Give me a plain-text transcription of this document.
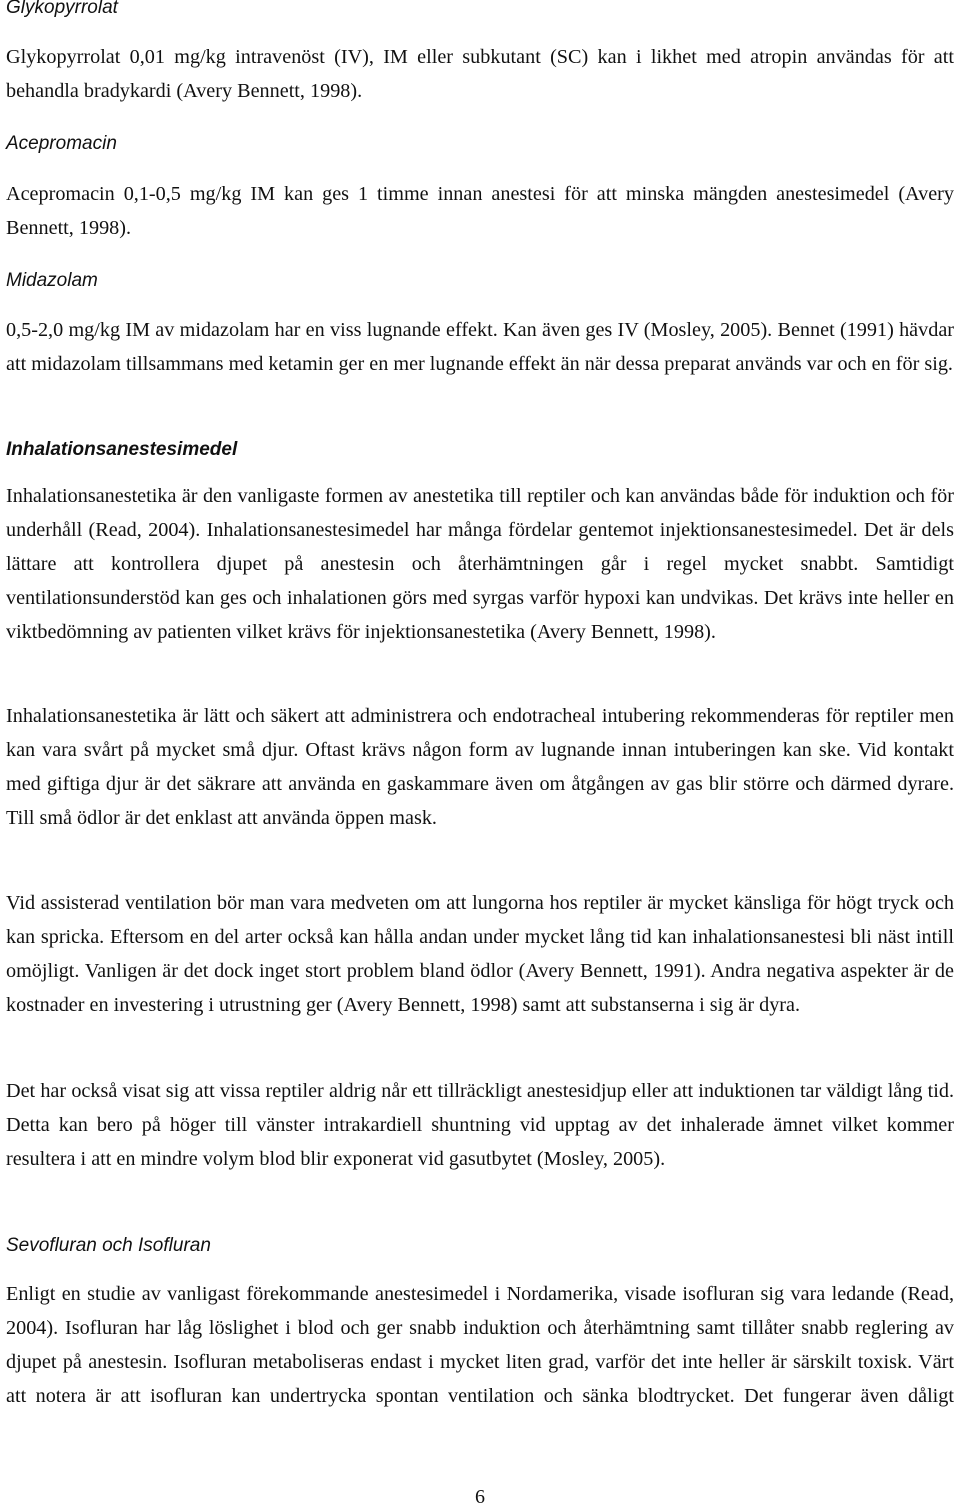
Glykopyrrolat

Glykopyrrolat 0,01 mg/kg intravenöst (IV), IM eller subkutant (SC) kan i likhet med atropin användas för att behandla bradykardi (Avery Bennett, 1998).

Acepromacin

Acepromacin 0,1-0,5 mg/kg IM kan ges 1 timme innan anestesi för att minska mängden anestesimedel (Avery Bennett, 1998).

Midazolam

0,5-2,0 mg/kg IM av midazolam har en viss lugnande effekt. Kan även ges IV (Mosley, 2005). Bennet (1991) hävdar att midazolam tillsammans med ketamin ger en mer lugnande effekt än när dessa preparat används var och en för sig.

Inhalationsanestesimedel

Inhalationsanestetika är den vanligaste formen av anestetika till reptiler och kan användas både för induktion och för underhåll (Read, 2004). Inhalationsanestesimedel har många fördelar gentemot injektionsanestesimedel. Det är dels lättare att kontrollera djupet på anestesin och återhämtningen går i regel mycket snabbt. Samtidigt ventilationsunderstöd kan ges och inhalationen görs med syrgas varför hypoxi kan undvikas. Det krävs inte heller en viktbedömning av patienten vilket krävs för injektionsanestetika (Avery Bennett, 1998).

Inhalationsanestetika är lätt och säkert att administrera och endotracheal intubering rekommenderas för reptiler men kan vara svårt på mycket små djur. Oftast krävs någon form av lugnande innan intuberingen kan ske. Vid kontakt med giftiga djur är det säkrare att använda en gaskammare även om åtgången av gas blir större och därmed dyrare. Till små ödlor är det enklast att använda öppen mask.

Vid assisterad ventilation bör man vara medveten om att lungorna hos reptiler är mycket känsliga för högt tryck och kan spricka. Eftersom en del arter också kan hålla andan under mycket lång tid kan inhalationsanestesi bli näst intill omöjligt. Vanligen är det dock inget stort problem bland ödlor (Avery Bennett, 1991). Andra negativa aspekter är de kostnader en investering i utrustning ger (Avery Bennett, 1998) samt att substanserna i sig är dyra.

Det har också visat sig att vissa reptiler aldrig når ett tillräckligt anestesidjup eller att induktionen tar väldigt lång tid. Detta kan bero på höger till vänster intrakardiell shuntning vid upptag av det inhalerade ämnet vilket kommer resultera i att en mindre volym blod blir exponerat vid gasutbytet (Mosley, 2005).

Sevofluran och Isofluran

Enligt en studie av vanligast förekommande anestesimedel i Nordamerika, visade isofluran sig vara ledande (Read, 2004). Isofluran har låg löslighet i blod och ger snabb induktion och återhämtning samt tillåter snabb reglering av djupet på anestesin. Isofluran metaboliseras endast i mycket liten grad, varför det inte heller är särskilt toxisk. Värt att notera är att isofluran kan undertrycka spontan ventilation och sänka blodtrycket. Det fungerar även dåligt

6
